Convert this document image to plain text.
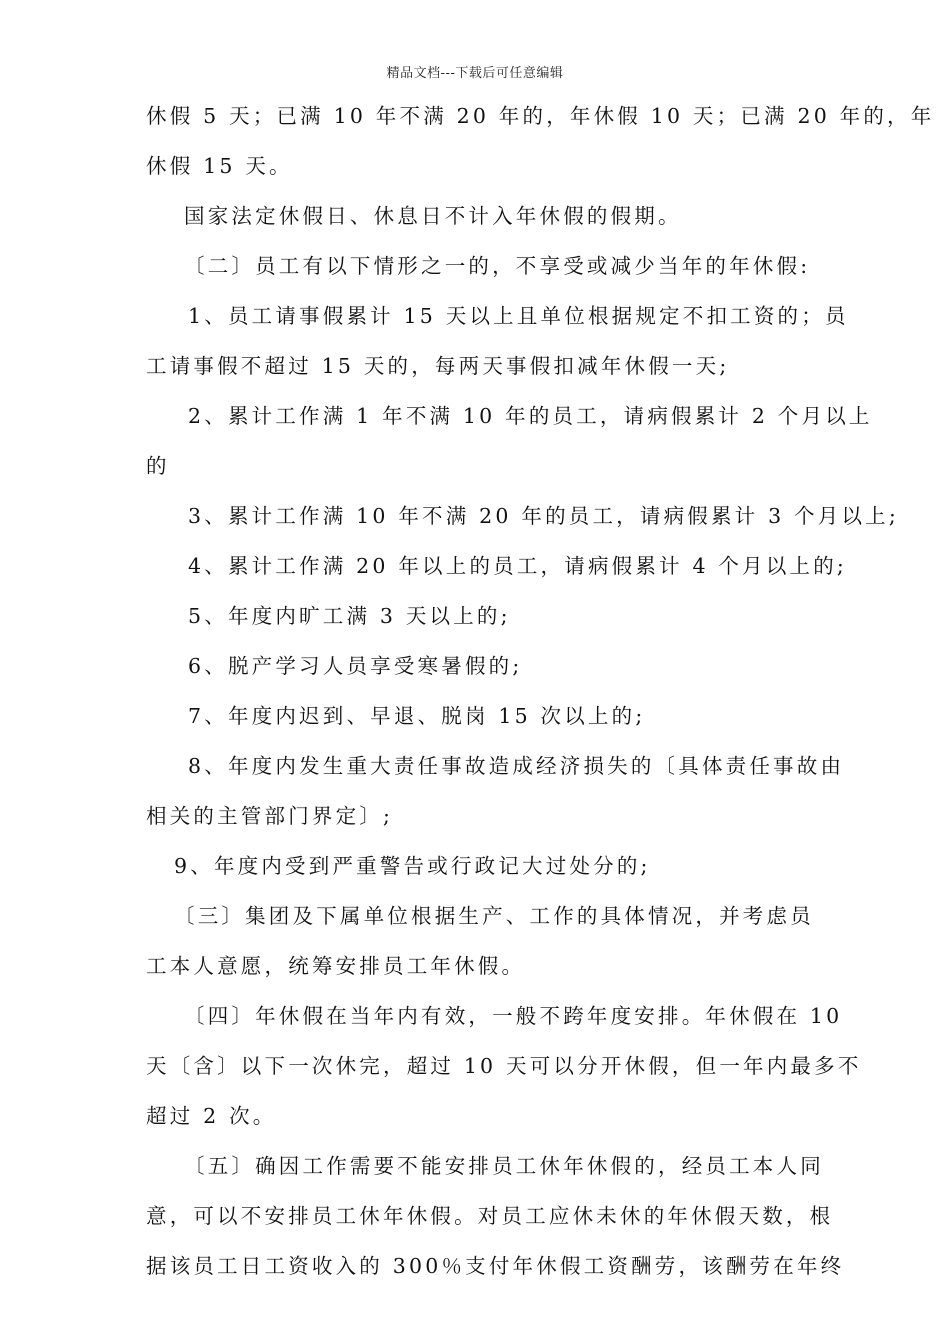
精品文档---下载后可任意编辑
休假 5 天；已满 10 年不满 20 年的，年休假 10 天；已满 20 年的，年
休假 15 天。
国家法定休假日、休息日不计入年休假的假期。
〔二〕员工有以下情形之一的，不享受或减少当年的年休假:
1、员工请事假累计 15 天以上且单位根据规定不扣工资的；员
工请事假不超过 15 天的，每两天事假扣减年休假一天;
2、累计工作满 1 年不满 10 年的员工，请病假累计 2 个月以上
的
3、累计工作满 10 年不满 20 年的员工，请病假累计 3 个月以上;
4、累计工作满 20 年以上的员工，请病假累计 4 个月以上的;
5、年度内旷工满 3 天以上的;
6、脱产学习人员享受寒暑假的;
7、年度内迟到、早退、脱岗 15 次以上的;
8、年度内发生重大责任事故造成经济损失的〔具体责任事故由
相关的主管部门界定〕;
9、年度内受到严重警告或行政记大过处分的;
〔三〕集团及下属单位根据生产、工作的具体情况，并考虑员
工本人意愿，统筹安排员工年休假。
〔四〕年休假在当年内有效，一般不跨年度安排。年休假在 10
天〔含〕以下一次休完，超过 10 天可以分开休假，但一年内最多不
超过 2 次。
〔五〕确因工作需要不能安排员工休年休假的，经员工本人同
意，可以不安排员工休年休假。对员工应休未休的年休假天数，根
据该员工日工资收入的 300％支付年休假工资酬劳，该酬劳在年终
